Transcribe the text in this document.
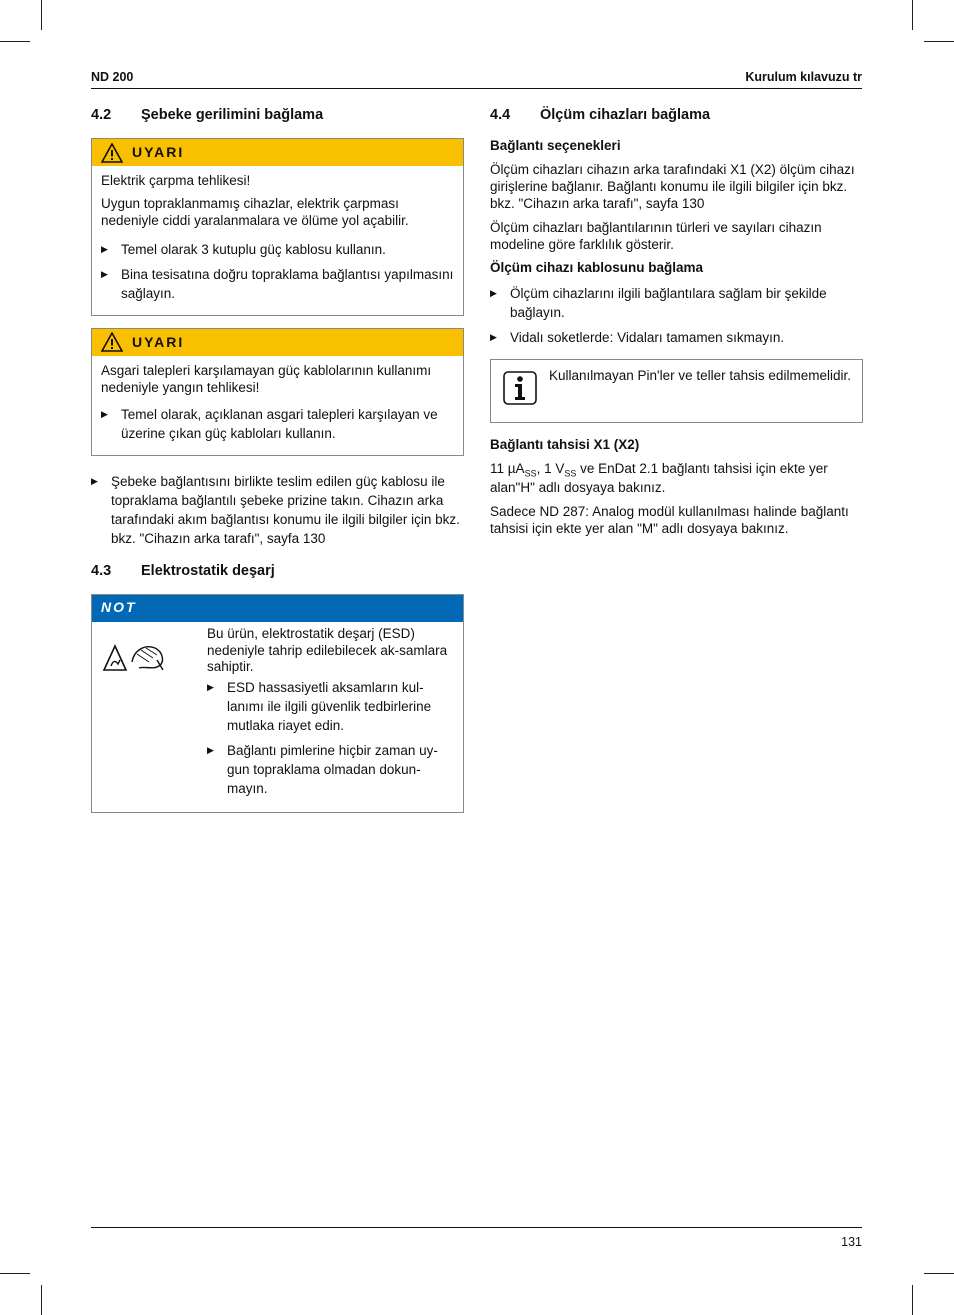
ND 200	Kurulum kılavuzu tr
4.2	Şebeke gerilimini bağlama
UYARI

Elektrik çarpma tehlikesi!

Uygun topraklanmamış cihazlar, elektrik çarpması nedeniyle ciddi yaralanmalara ve ölüme yol açabilir.

▶ Temel olarak 3 kutuplu güç kablosu kullanın.
▶ Bina tesisatına doğru topraklama bağlantısı yapılmasını sağlayın.
UYARI

Asgari talepleri karşılamayan güç kablolarının kullanımı nedeniyle yangın tehlikesi!

▶ Temel olarak, açıklanan asgari talepleri karşılayan ve üzerine çıkan güç kabloları kullanın.
▶ Şebeke bağlantısını birlikte teslim edilen güç kablosu ile topraklama bağlantılı şebeke prizine takın. Cihazın arka tarafındaki akım bağlantısı konumu ile ilgili bilgiler için bkz. bkz. "Cihazın arka tarafı", sayfa 130
4.3	Elektrostatik deşarj
NOT

Bu ürün, elektrostatik deşarj (ESD) nedeniyle tahrip edilebilecek ak-samlara sahiptir.

▶ ESD hassasiyetli aksamların kul-lanımı ile ilgili güvenlik tedbirlerine mutlaka riayet edin.
▶ Bağlantı pimlerine hiçbir zaman uy-gun topraklama olmadan dokun-mayın.
4.4	Ölçüm cihazları bağlama
Bağlantı seçenekleri

Ölçüm cihazları cihazın arka tarafındaki X1 (X2) ölçüm cihazı girişlerine bağlanır. Bağlantı konumu ile ilgili bilgiler için bkz. bkz. "Cihazın arka tarafı", sayfa 130

Ölçüm cihazları bağlantılarının türleri ve sayıları cihazın modeline göre farklılık gösterir.

Ölçüm cihazı kablosunu bağlama
▶ Ölçüm cihazlarını ilgili bağlantılara sağlam bir şekilde bağlayın.
▶ Vidalı soketlerde: Vidaları tamamen sıkmayın.
Kullanılmayan Pin'ler ve teller tahsis edilmemelidir.
Bağlantı tahsisi X1 (X2)

11 µA$_{SS}$, 1 $V_{SS}$ ve EnDat 2.1 bağlantı tahsisi için ekte yer alan"H" adlı dosyaya bakınız.

Sadece ND 287: Analog modül kullanılması halinde bağlantı tahsisi için ekte yer alan "M" adlı dosyaya bakınız.

131
